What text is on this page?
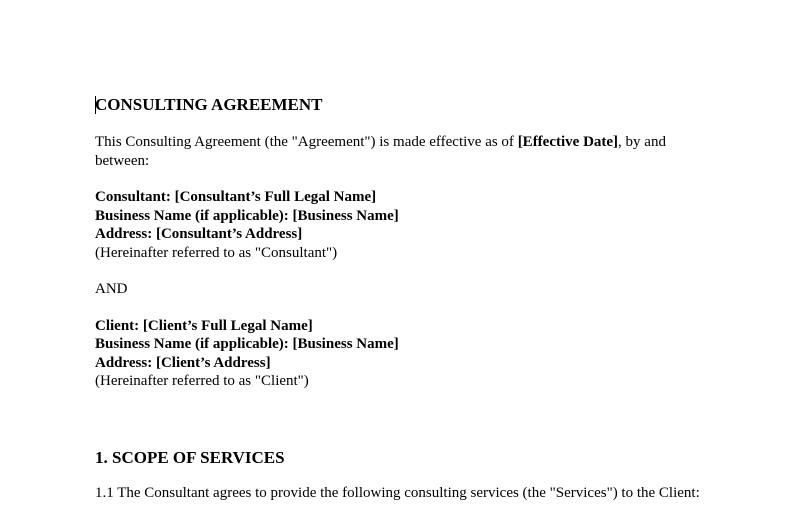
CONSULTING AGREEMENT

This Consulting Agreement (the "Agreement") is made effective as of [Effective Date], by and between:

Consultant: [Consultant’s Full Legal Name]

Business Name (if applicable): [Business Name]

Address: [Consultant’s Address]

(Hereinafter referred to as "Consultant")

AND

Client: [Client’s Full Legal Name]

Business Name (if applicable): [Business Name]

Address: [Client’s Address]

(Hereinafter referred to as "Client")

1. SCOPE OF SERVICES

1.1 The Consultant agrees to provide the following consulting services (the "Services") to the Client:
